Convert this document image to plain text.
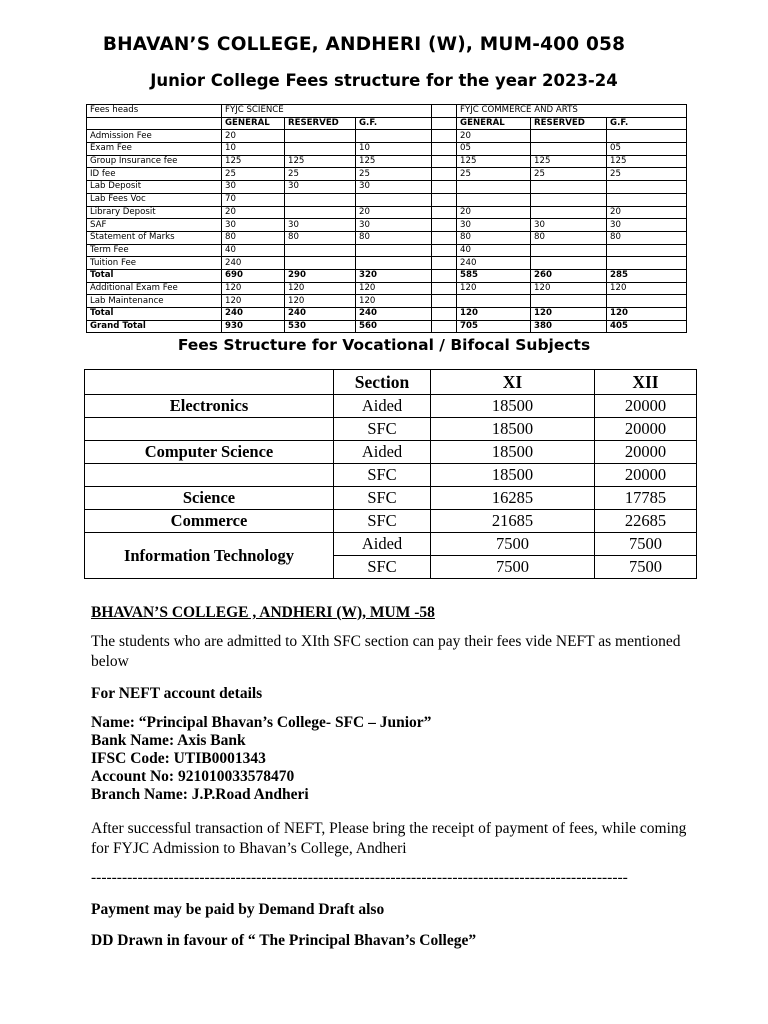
BHAVAN’S COLLEGE, ANDHERI (W), MUM-400 058
Junior College Fees structure for the year 2023-24
Fees heads	FYJC SCIENCE				FYJC COMMERCE AND ARTS		
	GENERAL	RESERVED	G.F.		GENERAL	RESERVED	G.F.
Admission Fee	20				20		
Exam Fee	10		10		05		05
Group Insurance fee	125	125	125		125	125	125
ID fee	25	25	25		25	25	25
Lab Deposit	30	30	30				
Lab Fees Voc	70						
Library Deposit	20		20		20		20
SAF	30	30	30		30	30	30
Statement of Marks	80	80	80		80	80	80
Term Fee	40				40		
Tuition Fee	240				240		
Total	690	290	320		585	260	285
Additional Exam Fee	120	120	120		120	120	120
Lab Maintenance	120	120	120				
Total	240	240	240		120	120	120
Grand Total	930	530	560		705	380	405
Fees Structure for Vocational / Bifocal Subjects
	Section	XI	XII
Electronics	Aided	18500	20000
	SFC	18500	20000
Computer Science	Aided	18500	20000
	SFC	18500	20000
Science	SFC	16285	17785
Commerce	SFC	21685	22685
Information Technology	Aided	7500	7500
	SFC	7500	7500
BHAVAN’S COLLEGE , ANDHERI (W), MUM -58
The students who are admitted to XIth SFC section can pay their fees vide NEFT as mentioned below
For NEFT account details
Name: “Principal Bhavan’s College- SFC – Junior”
Bank Name: Axis Bank
IFSC Code: UTIB0001343
Account No: 921010033578470
Branch Name: J.P.Road Andheri
After successful transaction of NEFT, Please bring the receipt of payment of fees, while coming for FYJC Admission to Bhavan’s College, Andheri
--------------------------------------------------------------------------------------------------------
Payment may be paid by Demand Draft also
DD Drawn in favour of “ The Principal Bhavan’s College”
